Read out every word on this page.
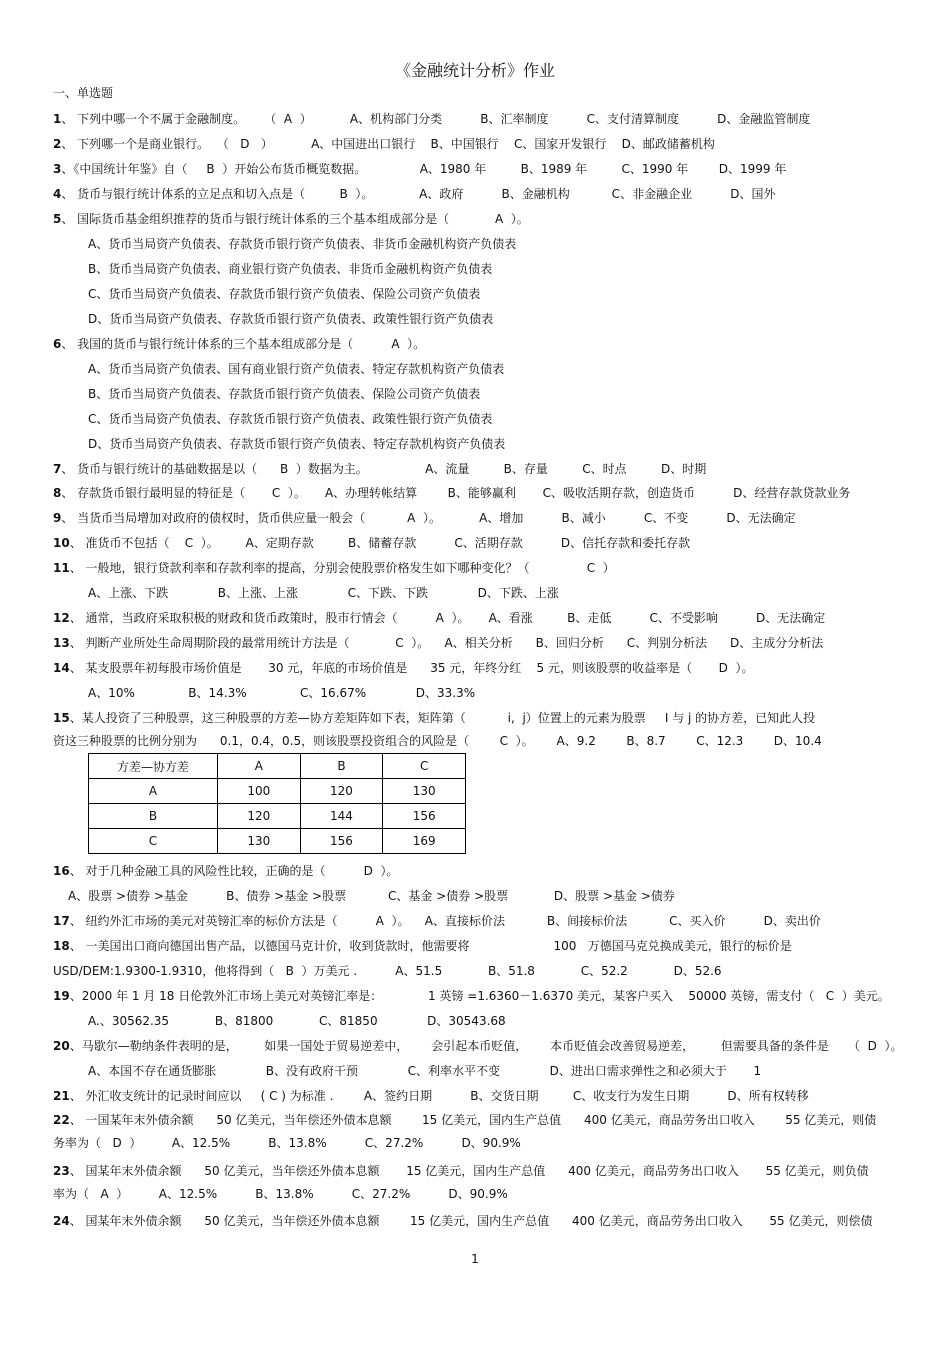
《金融统计分析》作业
一、单选题
1、 下列中哪一个不属于金融制度。     （  A  ）          A、机构部门分类          B、汇率制度          C、支付清算制度          D、金融监管制度
2、 下列哪一个是商业银行。  （   D   ）          A、中国进出口银行    B、中国银行    C、国家开发银行    D、邮政储蓄机构
3、《中国统计年鉴》自（     B  ）开始公布货币概览数据。              A、1980 年         B、1989 年         C、1990 年        D、1999 年
4、 货币与银行统计体系的立足点和切入点是（         B  ）。            A、政府          B、金融机构           C、非金融企业          D、国外
5、 国际货币基金组织推荐的货币与银行统计体系的三个基本组成部分是（            A  ）。
A、货币当局资产负债表、存款货币银行资产负债表、非货币金融机构资产负债表
B、货币当局资产负债表、商业银行资产负债表、非货币金融机构资产负债表
C、货币当局资产负债表、存款货币银行资产负债表、保险公司资产负债表
D、货币当局资产负债表、存款货币银行资产负债表、政策性银行资产负债表
6、 我国的货币与银行统计体系的三个基本组成部分是（          A  ）。
A、货币当局资产负债表、国有商业银行资产负债表、特定存款机构资产负债表
B、货币当局资产负债表、存款货币银行资产负债表、保险公司资产负债表
C、货币当局资产负债表、存款货币银行资产负债表、政策性银行资产负债表
D、货币当局资产负债表、存款货币银行资产负债表、特定存款机构资产负债表
7、 货币与银行统计的基础数据是以（      B  ）数据为主。               A、流量         B、存量         C、时点         D、时期
8、 存款货币银行最明显的特征是（       C  ）。     A、办理转帐结算        B、能够赢利       C、吸收活期存款，创造货币          D、经营存款贷款业务
9、 当货币当局增加对政府的债权时，货币供应量一般会（           A  ）。          A、增加          B、减小          C、不变          D、无法确定
10、 准货币不包括（    C  ）。       A、定期存款         B、储蓄存款          C、活期存款          D、信托存款和委托存款
11、 一般地，银行贷款利率和存款利率的提高，分别会使股票价格发生如下哪种变化？（               C  ）
A、上涨、下跌             B、上涨、上涨             C、下跌、下跌             D、下跌、上涨
12、 通常，当政府采取积极的财政和货币政策时，股市行情会（          A  ）。     A、看涨         B、走低          C、不受影响          D、无法确定
13、 判断产业所处生命周期阶段的最常用统计方法是（            C  ）。    A、相关分析      B、回归分析      C、判别分析法      D、主成分分析法
14、 某支股票年初每股市场价值是       30 元，年底的市场价值是      35 元，年终分红    5 元，则该股票的收益率是（       D  ）。
A、10%              B、14.3%              C、16.67%             D、33.3%
15、某人投资了三种股票，这三种股票的方差—协方差矩阵如下表，矩阵第（           i,  j）位置上的元素为股票     I 与 j 的协方差，已知此人投
资这三种股票的比例分别为      0.1，0.4，0.5，则该股票投资组合的风险是（        C  ）。      A、9.2        B、8.7        C、12.3        D、10.4
16、 对于几种金融工具的风险性比较，正确的是（          D  ）。
A、股票 >债券 >基金          B、债券 >基金 >股票           C、基金 >债券 >股票            D、股票 >基金 >债券
17、 纽约外汇市场的美元对英镑汇率的标价方法是（          A  ）。    A、直接标价法           B、间接标价法           C、买入价          D、卖出价
18、 一美国出口商向德国出售产品，以德国马克计价，收到货款时，他需要将                      100   万德国马克兑换成美元，银行的标价是
USD/DEM:1.9300-1.9310，他将得到（   B  ）万美元 .          A、51.5            B、51.8            C、52.2            D、52.6
19、2000 年 1 月 18 日伦敦外汇市场上美元对英镑汇率是：            1 英镑 =1.6360－1.6370 美元，某客户买入    50000 英镑，需支付（   C  ）美元。
A.、30562.35            B、81800            C、81850             D、30543.68
20、马歇尔—勒纳条件表明的是，       如果一国处于贸易逆差中，      会引起本币贬值，      本币贬值会改善贸易逆差，       但需要具备的条件是     （  D  ）。
A、本国不存在通货膨胀             B、没有政府干预             C、利率水平不变             D、进出口需求弹性之和必须大于       1
21、 外汇收支统计的记录时间应以     ( C ) 为标准 .        A、签约日期          B、交货日期         C、收支行为发生日期          D、所有权转移
22、 一国某年末外债余额      50 亿美元，当年偿还外债本息额        15 亿美元，国内生产总值      400 亿美元，商品劳务出口收入        55 亿美元，则债
务率为（   D  ）        A、12.5%          B、13.8%          C、27.2%          D、90.9%
23、 国某年末外债余额      50 亿美元，当年偿还外债本息额       15 亿美元，国内生产总值      400 亿美元，商品劳务出口收入       55 亿美元，则负债
率为（   A  ）        A、12.5%          B、13.8%          C、27.2%          D、90.9%
24、 国某年末外债余额      50 亿美元，当年偿还外债本息额        15 亿美元，国内生产总值      400 亿美元，商品劳务出口收入       55 亿美元，则偿债
方差—协方差	A	B	C
A	100	120	130
B	120	144	156
C	130	156	169
1
